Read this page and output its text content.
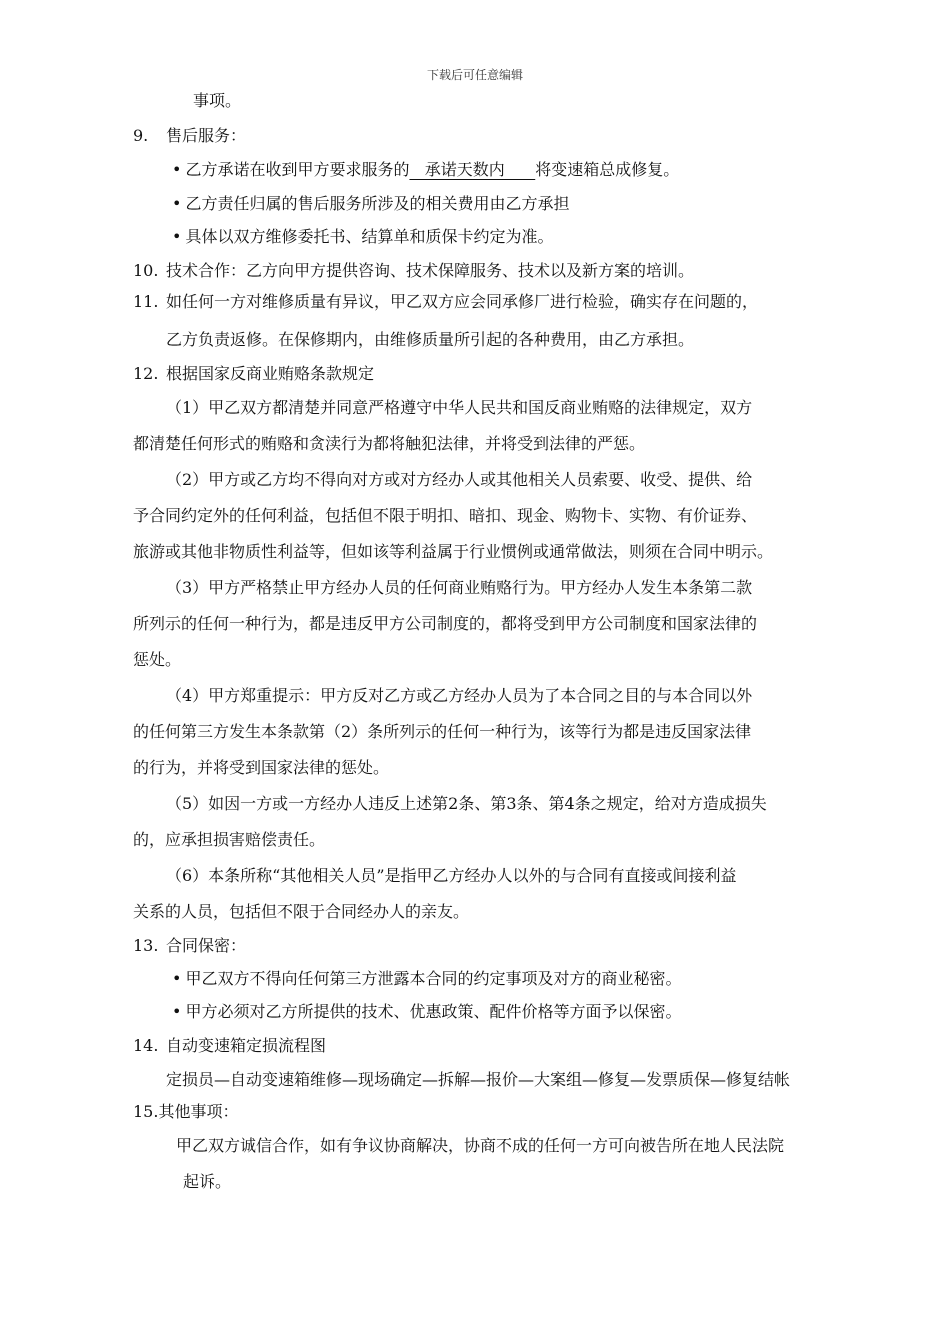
下载后可任意编辑
事项。
9. 售后服务：
• 乙方承诺在收到甲方要求服务的   承诺天数内      将变速箱总成修复。
• 乙方责任归属的售后服务所涉及的相关费用由乙方承担
• 具体以双方维修委托书、结算单和质保卡约定为准。
10. 技术合作：乙方向甲方提供咨询、技术保障服务、技术以及新方案的培训。
11. 如任何一方对维修质量有异议，甲乙双方应会同承修厂进行检验，确实存在问题的，
乙方负责返修。在保修期内，由维修质量所引起的各种费用，由乙方承担。
12. 根据国家反商业贿赂条款规定
（1）甲乙双方都清楚并同意严格遵守中华人民共和国反商业贿赂的法律规定，双方
都清楚任何形式的贿赂和贪渎行为都将触犯法律，并将受到法律的严惩。
（2）甲方或乙方均不得向对方或对方经办人或其他相关人员索要、收受、提供、给
予合同约定外的任何利益，包括但不限于明扣、暗扣、现金、购物卡、实物、有价证券、
旅游或其他非物质性利益等，但如该等利益属于行业惯例或通常做法，则须在合同中明示。
（3）甲方严格禁止甲方经办人员的任何商业贿赂行为。甲方经办人发生本条第二款
所列示的任何一种行为，都是违反甲方公司制度的，都将受到甲方公司制度和国家法律的
惩处。
（4）甲方郑重提示：甲方反对乙方或乙方经办人员为了本合同之目的与本合同以外
的任何第三方发生本条款第（2）条所列示的任何一种行为，该等行为都是违反国家法律
的行为，并将受到国家法律的惩处。
（5）如因一方或一方经办人违反上述第2条、第3条、第4条之规定，给对方造成损失
的，应承担损害赔偿责任。
（6）本条所称“其他相关人员”是指甲乙方经办人以外的与合同有直接或间接利益
关系的人员，包括但不限于合同经办人的亲友。
13. 合同保密：
• 甲乙双方不得向任何第三方泄露本合同的约定事项及对方的商业秘密。
• 甲方必须对乙方所提供的技术、优惠政策、配件价格等方面予以保密。
14. 自动变速箱定损流程图
定损员—自动变速箱维修—现场确定—拆解—报价—大案组—修复—发票质保—修复结帐
15.其他事项：
甲乙双方诚信合作，如有争议协商解决，协商不成的任何一方可向被告所在地人民法院
起诉。
